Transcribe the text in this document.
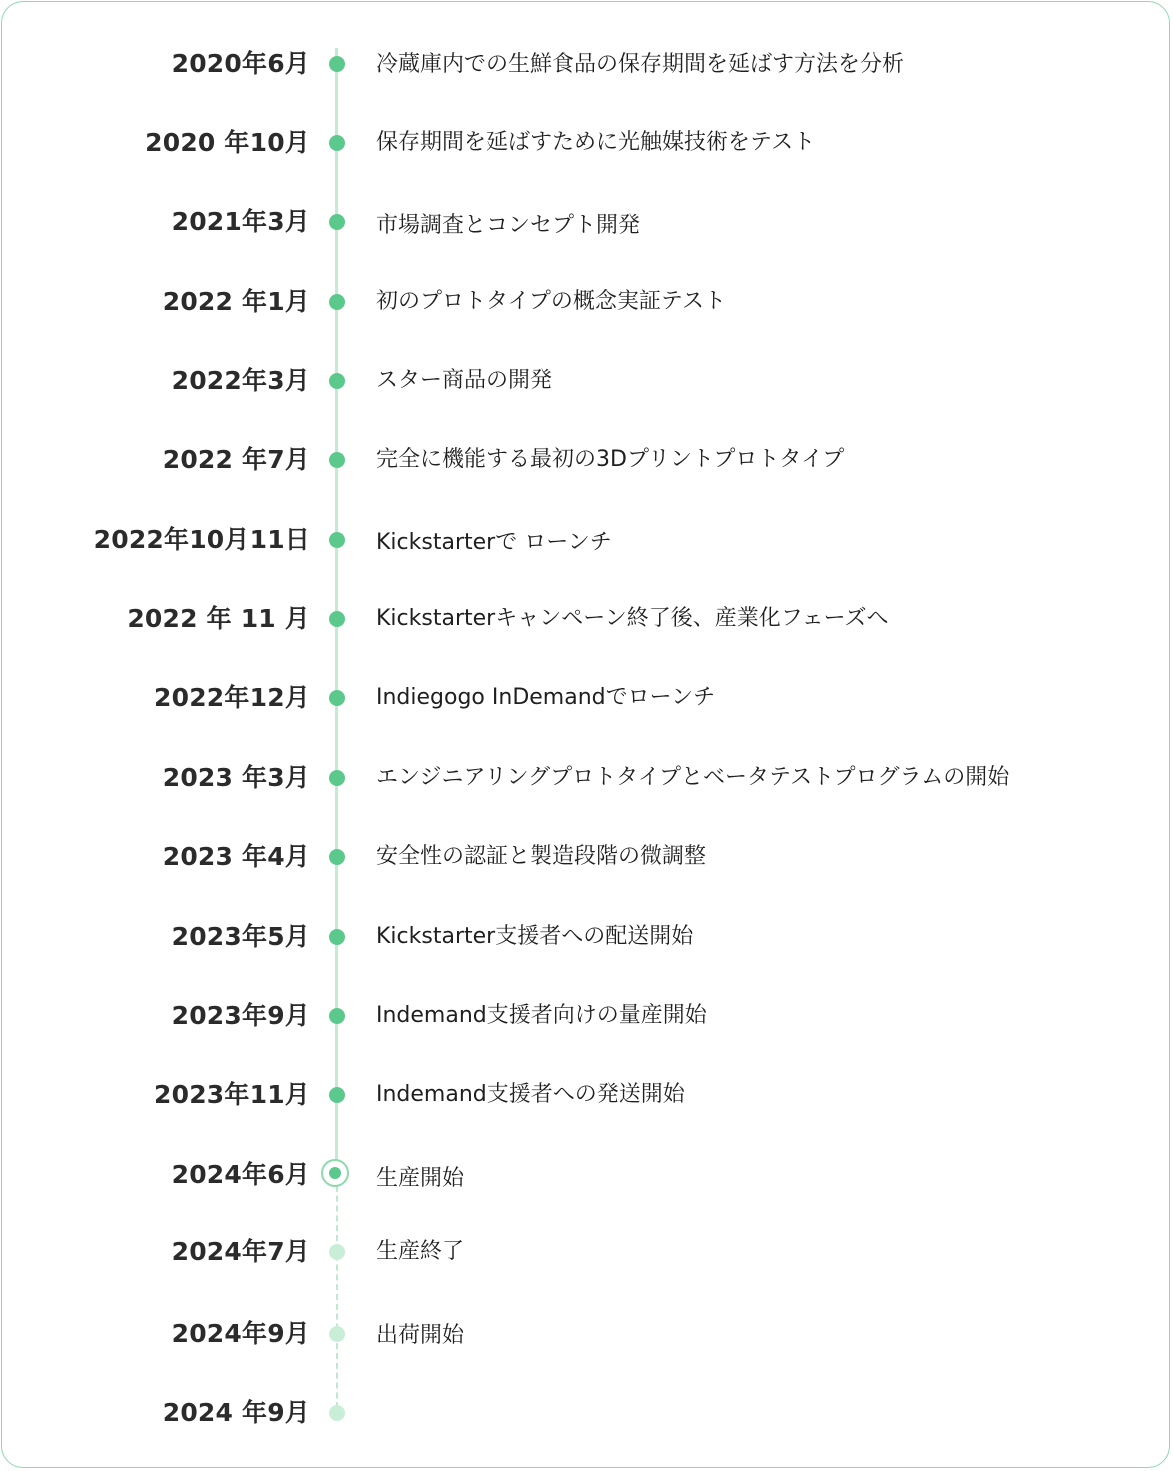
2020年6月	冷蔵庫内での生鮮食品の保存期間を延ばす方法を分析
2020 年10月	保存期間を延ばすために光触媒技術をテスト
2021年3月	市場調査とコンセプト開発
2022 年1月	初のプロトタイプの概念実証テスト
2022年3月	スター商品の開発
2022 年7月	完全に機能する最初の3Dプリントプロトタイプ
2022年10月11日	Kickstarterで ローンチ
2022 年 11 月	Kickstarterキャンペーン終了後、産業化フェーズへ
2022年12月	Indiegogo InDemandでローンチ
2023 年3月	エンジニアリングプロトタイプとベータテストプログラムの開始
2023 年4月	安全性の認証と製造段階の微調整
2023年5月	Kickstarter支援者への配送開始
2023年9月	Indemand支援者向けの量産開始
2023年11月	Indemand支援者への発送開始
2024年6月	生産開始
2024年7月	生産終了
2024年9月	出荷開始
2024 年9月
